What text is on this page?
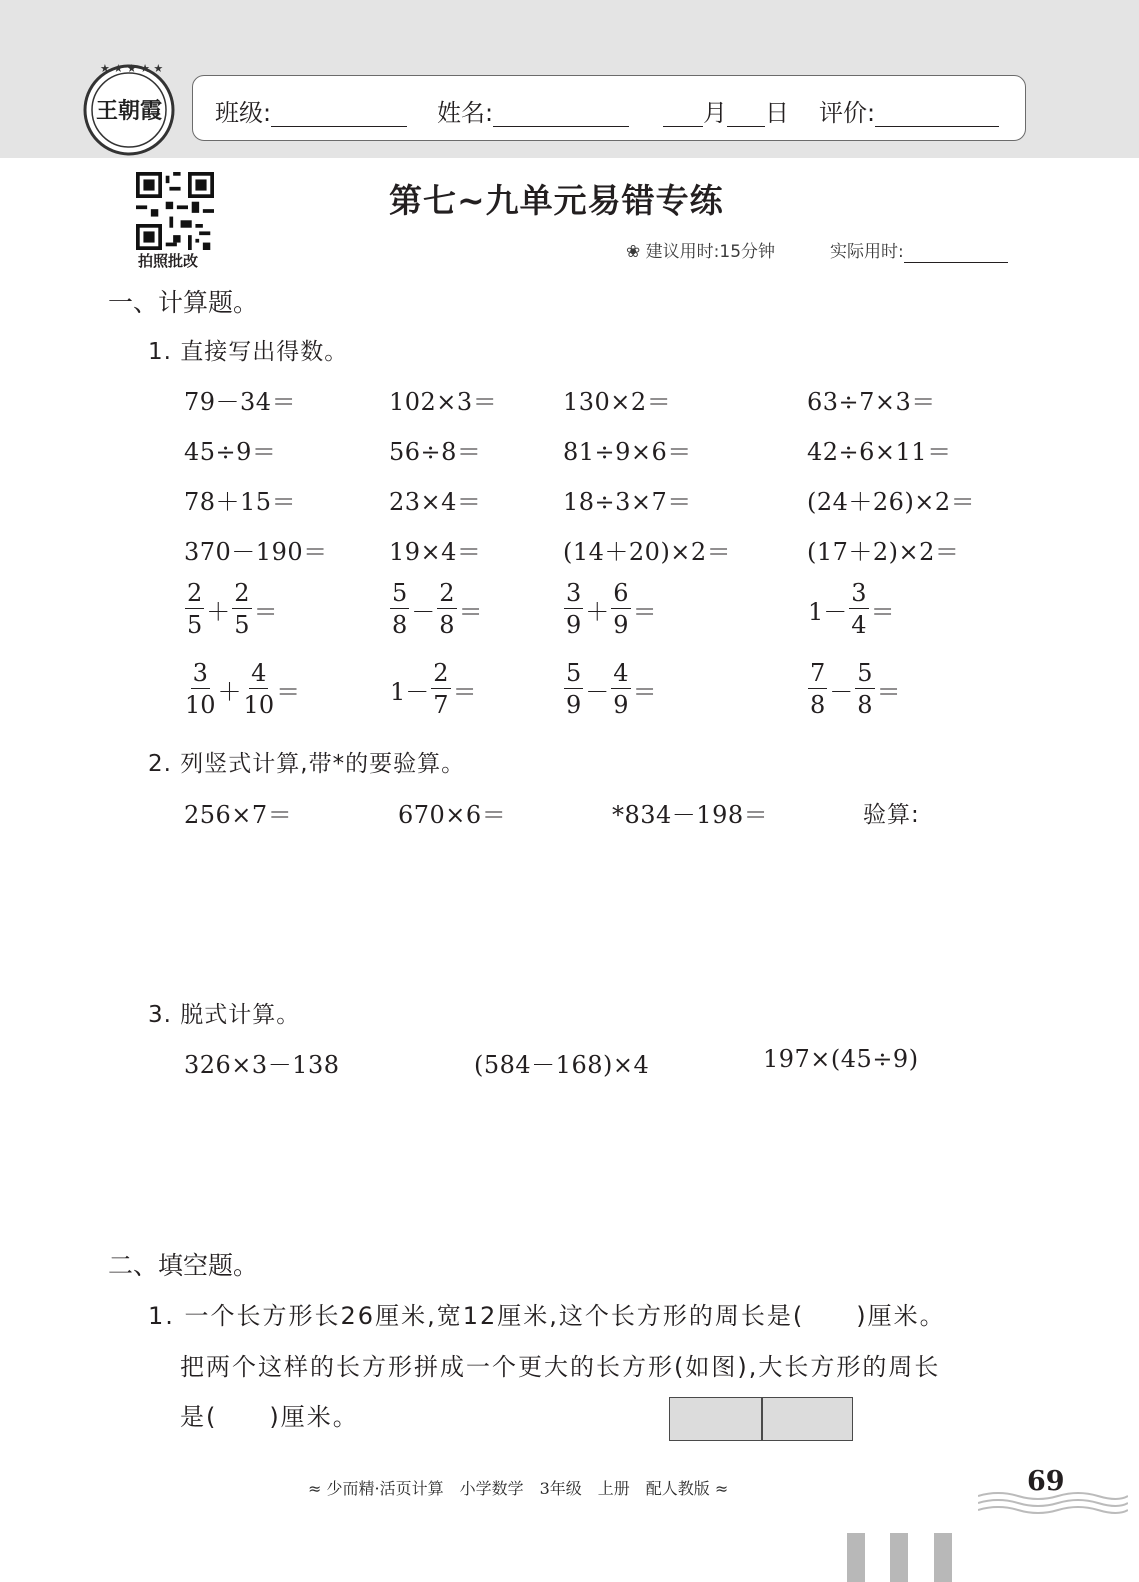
★ ★ ★ ★ ★
王朝霞 班级:	姓名:	月 日 评价:
拍照批改
第七~九单元易错专练
❀ 建议用时:15分钟	实际用时:
一、计算题。
1. 直接写出得数。
79－34＝	102×3＝	130×2＝	63÷7×3＝
45÷9＝	56÷8＝	81÷9×6＝	42÷6×11＝
78＋15＝	23×4＝	18÷3×7＝	(24＋26)×2＝
370－190＝	19×4＝	(14＋20)×2＝	(17＋2)×2＝
$\frac{2}{5} + \frac{2}{5}$ ＝	$\frac{5}{8} - \frac{2}{8}$ ＝	$\frac{3}{9} + \frac{6}{9}$ ＝	$1- \frac{3}{4}$ ＝
$\frac{3}{10} + \frac{4}{10}$ ＝	$1- \frac{2}{7}$ ＝	$\frac{5}{9} - \frac{4}{9}$ ＝	$\frac{7}{8} - \frac{5}{8}$ ＝
2. 列竖式计算,带*的要验算。
256×7＝	670×6＝	*834－198＝	验算:
3. 脱式计算。
326×3－138	(584－168)×4	197×(45÷9)
二、填空题。
1. 一个长方形长26厘米,宽12厘米,这个长方形的周长是(　　)厘米。
把两个这样的长方形拼成一个更大的长方形(如图),大长方形的周长
是(　　)厘米。
≈ 少而精·活页计算　小学数学　3年级　上册　配人教版 ≈	69
